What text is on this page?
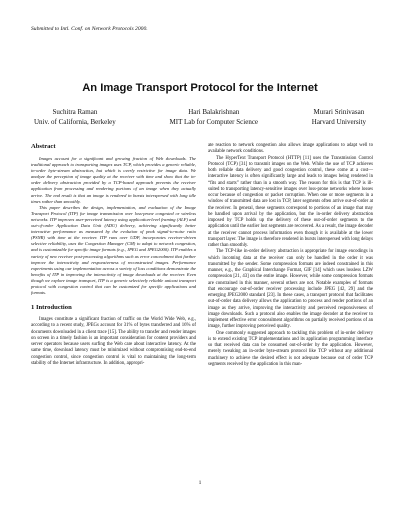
Submitted to Intl. Conf. on Network Protocols 2000.
An Image Transport Protocol for the Internet
Suchitra Raman
Univ. of California, Berkeley
Hari Balakrishnan
MIT Lab for Computer Science
Murari Srinivasan
Harvard University
Abstract

Images account for a significant and growing fraction of Web downloads. The traditional approach to transporting images uses TCP, which provides a generic reliable, in-order byte-stream abstraction, but which is overly restrictive for image data. We analyze the perception of image quality at the receiver with time and show that the in-order delivery abstraction provided by a TCP-based approach prevents the receiver application from processing and rendering portions of an image when they actually arrive. The end result is that an image is rendered in bursts interspersed with long idle times rather than smoothly.

This paper describes the design, implementation, and evaluation of the Image Transport Protocol (ITP) for image transmission over loss-prone congested or wireless networks. ITP improves user-perceived latency using application-level framing (ALF) and out-of-order Application Data Unit (ADU) delivery, achieving significantly better interactive performance as measured by the evolution of peak signal-to-noise ratio (PSNR) with time at the receiver. ITP runs over UDP, incorporates receiver-driven selective reliability, uses the Congestion Manager (CM) to adapt to network congestion, and is customizable for specific image formats (e.g., JPEG and JPEG2000). ITP enables a variety of new receiver post-processing algorithms such as error concealment that further improve the interactivity and responsiveness of reconstructed images. Performance experiments using our implementation across a variety of loss conditions demonstrate the benefits of ITP in improving the interactivity of image downloads at the receiver. Even though we explore image transport, ITP is a generic selectively reliable unicast transport protocol with congestion control that can be customized for specific applications and formats.

1 Introduction

Images constitute a significant fraction of traffic on the World Wide Web, e.g., according to a recent study, JPEGs account for 31% of bytes transferred and 16% of documents downloaded in a client trace [15]. The ability to transfer and render images on screen in a timely fashion is an important consideration for content providers and server operators because users surfing the Web care about interactive latency. At the same time, download latency must be minimized without compromising end-to-end congestion control, since congestion control is vital to maintaining the long-term stability of the Internet infrastructure. In addition, appropri-

ate reaction to network congestion also allows image applications to adapt well to available network conditions.

The HyperText Transport Protocol (HTTP) [11] uses the Transmission Control Protocol (TCP) [31] to transmit images on the Web. While the use of TCP achieves both reliable data delivery and good congestion control, these come at a cost—interactive latency is often significantly large and leads to images being rendered in “fits and starts” rather than in a smooth way. The reason for this is that TCP is ill-suited to transporting latency-sensitive images over loss-prone networks where losses occur because of congestion or packet corruption. When one or more segments in a window of transmitted data are lost in TCP, later segments often arrive out-of-order at the receiver. In general, these segments correspond to portions of an image that may be handled upon arrival by the application, but the in-order delivery abstraction imposed by TCP holds up the delivery of these out-of-order segments to the application until the earlier lost segments are recovered. As a result, the image decoder at the receiver cannot process information even though it is available at the lower transport layer. The image is therefore rendered in bursts interspersed with long delays rather than smoothly.

The TCP-like in-order delivery abstraction is appropriate for image encodings in which incoming data at the receiver can only be handled in the order it was transmitted by the sender. Some compression formats are indeed constrained in this manner, e.g., the Graphical Interchange Format, GIF [14] which uses lossless LZW compression [21, 43] on the entire image. However, while some compression formats are constrained in this manner, several others are not. Notable examples of formats that encourage out-of-order receiver processing include JPEG [42, 29] and the emerging JPEG2000 standard [23]. In these cases, a transport protocol that facilitates out-of-order data delivery allows the application to process and render portions of an image as they arrive, improving the interactivity and perceived responsiveness of image downloads. Such a protocol also enables the image decoder at the receiver to implement effective error concealment algorithms on partially received portions of an image, further improving perceived quality.

One commonly suggested approach to tackling this problem of in-order delivery is to extend existing TCP implementations and its application programming interface so that received data can be consumed out-of-order by the application. However, merely tweaking an in-order byte-stream protocol like TCP without any additional machinery to achieve the desired effect is not adequate because out of order TCP segments received by the application in this man-

1
